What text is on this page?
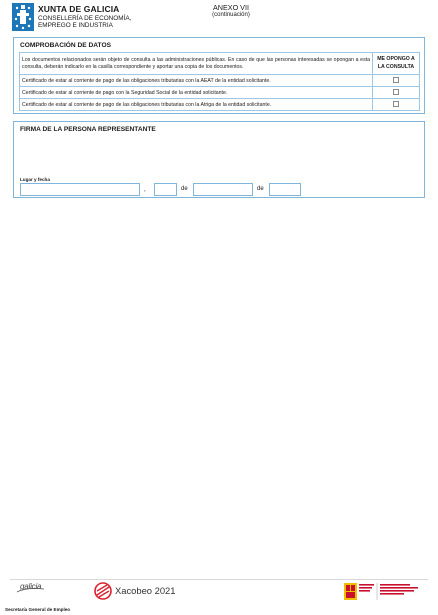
XUNTA DE GALICIA
CONSELLERÍA DE ECONOMÍA,
EMPREGO E INDUSTRIA
ANEXO VII
(continuación)
COMPROBACIÓN DE DATOS
Los documentos relacionados serán objeto de consulta a las administraciones públicas. En caso de que las personas interesadas se opongan a esta consulta, deberán indicarlo en la casilla correspondiente y aportar una copia de los documentos.	ME OPONGO A LA CONSULTA
Certificado de estar al corriente de pago de las obligaciones tributarias con la AEAT de la entidad solicitante.	
Certificado de estar al corriente de pago con la Seguridad Social de la entidad solicitante.	
Certificado de estar al corriente de pago de las obligaciones tributarias con la Atriga de la entidad solicitante.	
FIRMA DE LA PERSONA REPRESENTANTE
Lugar y fecha
,	de	de
galicia	Xacobeo 2021
Secretaría General de Empleo
